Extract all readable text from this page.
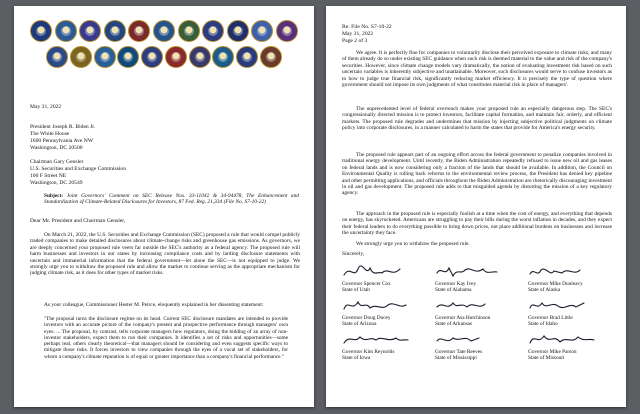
May 31, 2022
President Joseph R. Biden Jr.
The White House
1600 Pennsylvania Ave NW
Washington, DC 20500
Chairman Gary Gensler
U.S. Securities and Exchange Commission
100 F Street NE
Washington, DC 20549
Subject: Joint Governors' Comment on SEC Release Nos. 33-11042 & 34-94478, The Enhancement and Standardization of Climate-Related Disclosures for Investors, 87 Fed. Reg. 21,334 (File No. S7-10-22)
Dear Mr. President and Chairman Gensler,
On March 21, 2022, the U.S. Securities and Exchange Commission (SEC) proposed a rule that would compel publicly traded companies to make detailed disclosures about climate-change risks and greenhouse gas emissions. As governors, we are deeply concerned your proposed rule veers far outside the SEC's authority as a federal agency. The proposed rule will harm businesses and investors in our states by increasing compliance costs and by larding disclosure statements with uncertain and immaterial information that the federal government—let alone the SEC—is not equipped to judge. We strongly urge you to withdraw the proposed rule and allow the market to continue serving as the appropriate mechanism for judging climate risk, as it does for other types of market risks.
As your colleague, Commissioner Hester M. Peirce, eloquently explained in her dissenting statement:
"The proposal turns the disclosure regime on its head. Current SEC disclosure mandates are intended to provide investors with an accurate picture of the company's present and prospective performance through managers' own eyes. ... The proposal, by contrast, tells corporate managers how regulators, doing the bidding of an array of non-investor stakeholders, expect them to run their companies. It identifies a set of risks and opportunities—some perhaps real, others clearly theoretical—that managers should be considering and even suggests specific ways to mitigate those risks. It forces investors to view companies through the eyes of a vocal set of stakeholders, for whom a company's climate reputation is of equal or greater importance than a company's financial performance."
Re: File No. S7-10-22
May 31, 2022
Page 2 of 3
We agree. It is perfectly fine for companies to voluntarily disclose their perceived exposure to climate risks, and many of them already do so under existing SEC guidance when such risk is deemed material to the value and risk of the company's securities. However, since climate change models vary dramatically, the notion of evaluating investment risk based on such uncertain variables is inherently subjective and unattainable. Moreover, such disclosures would serve to confuse investors as to how to judge true financial risk, significantly reducing market efficiency. It is precisely the type of question where government should not impose its own judgments of what constitutes material risk in place of managers'.
The unprecedented level of federal overreach makes your proposed rule an especially dangerous step. The SEC's congressionally directed mission is to protect investors, facilitate capital formation, and maintain fair, orderly, and efficient markets. The proposed rule degrades and undermines that mission by injecting subjective political judgments on climate policy into corporate disclosures, in a manner calculated to harm the states that provide for America's energy security.
The proposed rule appears part of an ongoing effort across the federal government to penalize companies involved in traditional energy development. Until recently, the Biden Administration repeatedly refused to issue new oil and gas leases on federal lands and is now considering only a fraction of the lands that should be available. In addition, the Council on Environmental Quality is rolling back reforms to the environmental review process, the President has denied key pipeline and other permitting applications, and officials throughout the Biden Administration are rhetorically discouraging investment in oil and gas development. The proposed rule adds to that misguided agenda by distorting the mission of a key regulatory agency.
The approach in the proposed rule is especially foolish at a time when the cost of energy, and everything that depends on energy, has skyrocketed. Americans are struggling to pay their bills during the worst inflation in decades, and they expect their federal leaders to do everything possible to bring down prices, not place additional burdens on businesses and increase the uncertainty they face.
We strongly urge you to withdraw the proposed rule.
Sincerely,
Governor Spencer Cox
State of Utah
Governor Kay Ivey
State of Alabama
Governor Mike Dunleavy
State of Alaska
Governor Doug Ducey
State of Arizona
Governor Asa Hutchinson
State of Arkansas
Governor Brad Little
State of Idaho
Governor Kim Reynolds
State of Iowa
Governor Tate Reeves
State of Mississippi
Governor Mike Parson
State of Missouri
